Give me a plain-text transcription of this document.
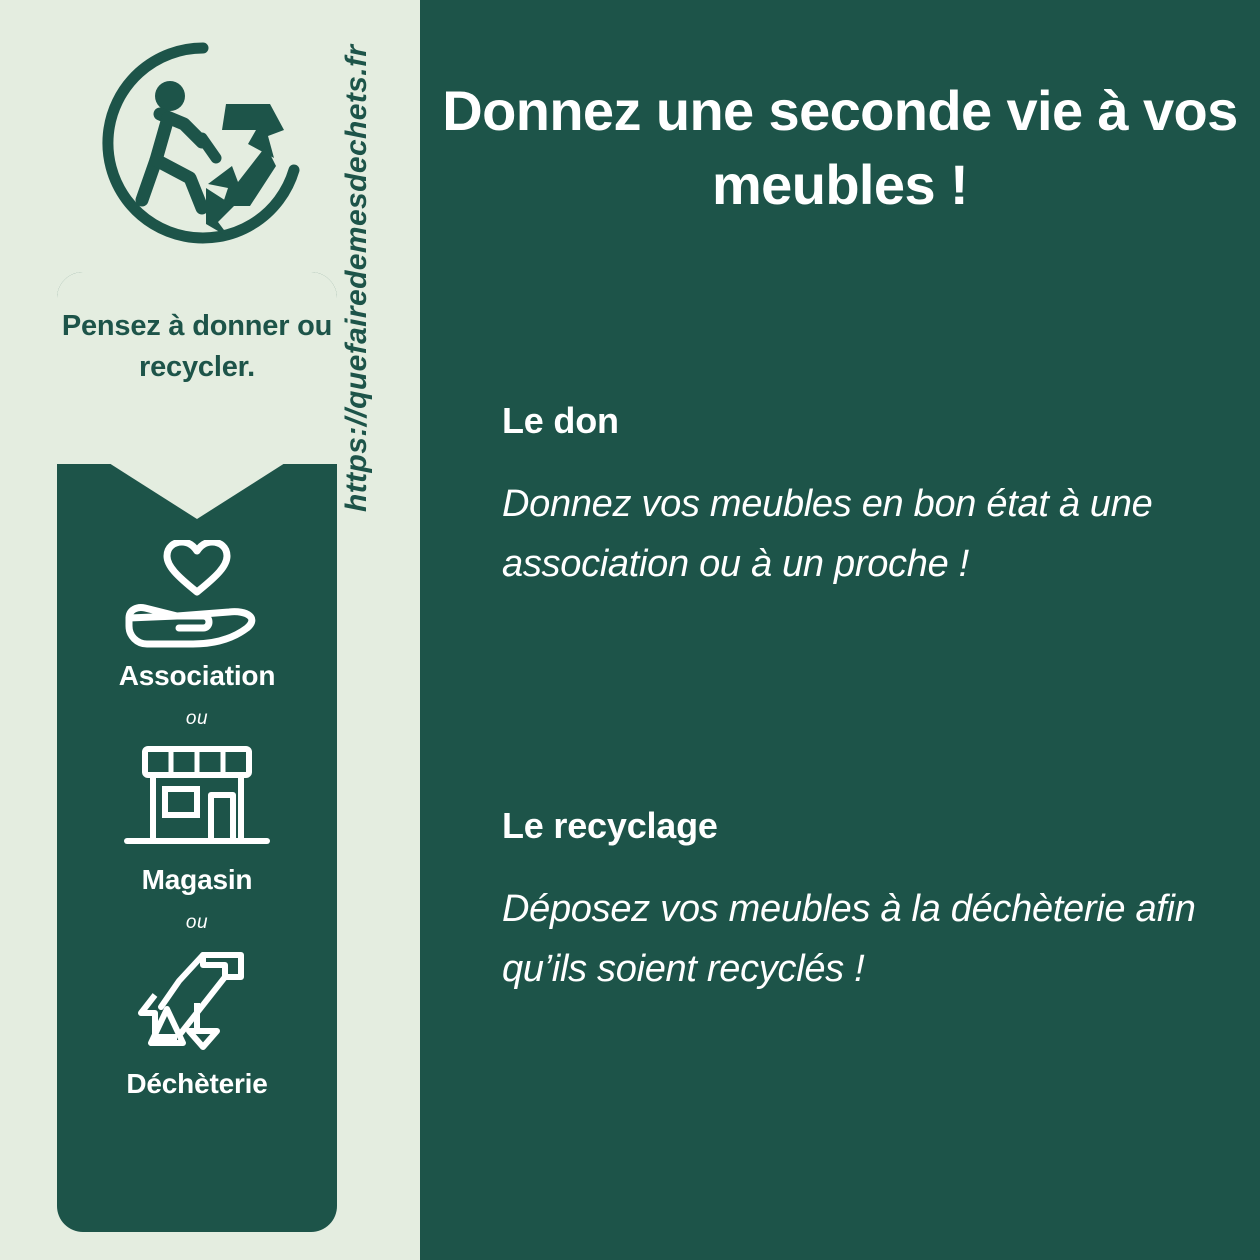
Pensez à donner ou recycler.
Association
ou
Magasin
ou
Déchèterie
https://quefairedemesdechets.fr Donnez une seconde vie à vos meubles !
Le don
Donnez vos meubles en bon état à une association ou à un proche !
Le recyclage
Déposez vos meubles à la déchèterie afin qu’ils soient recyclés !
